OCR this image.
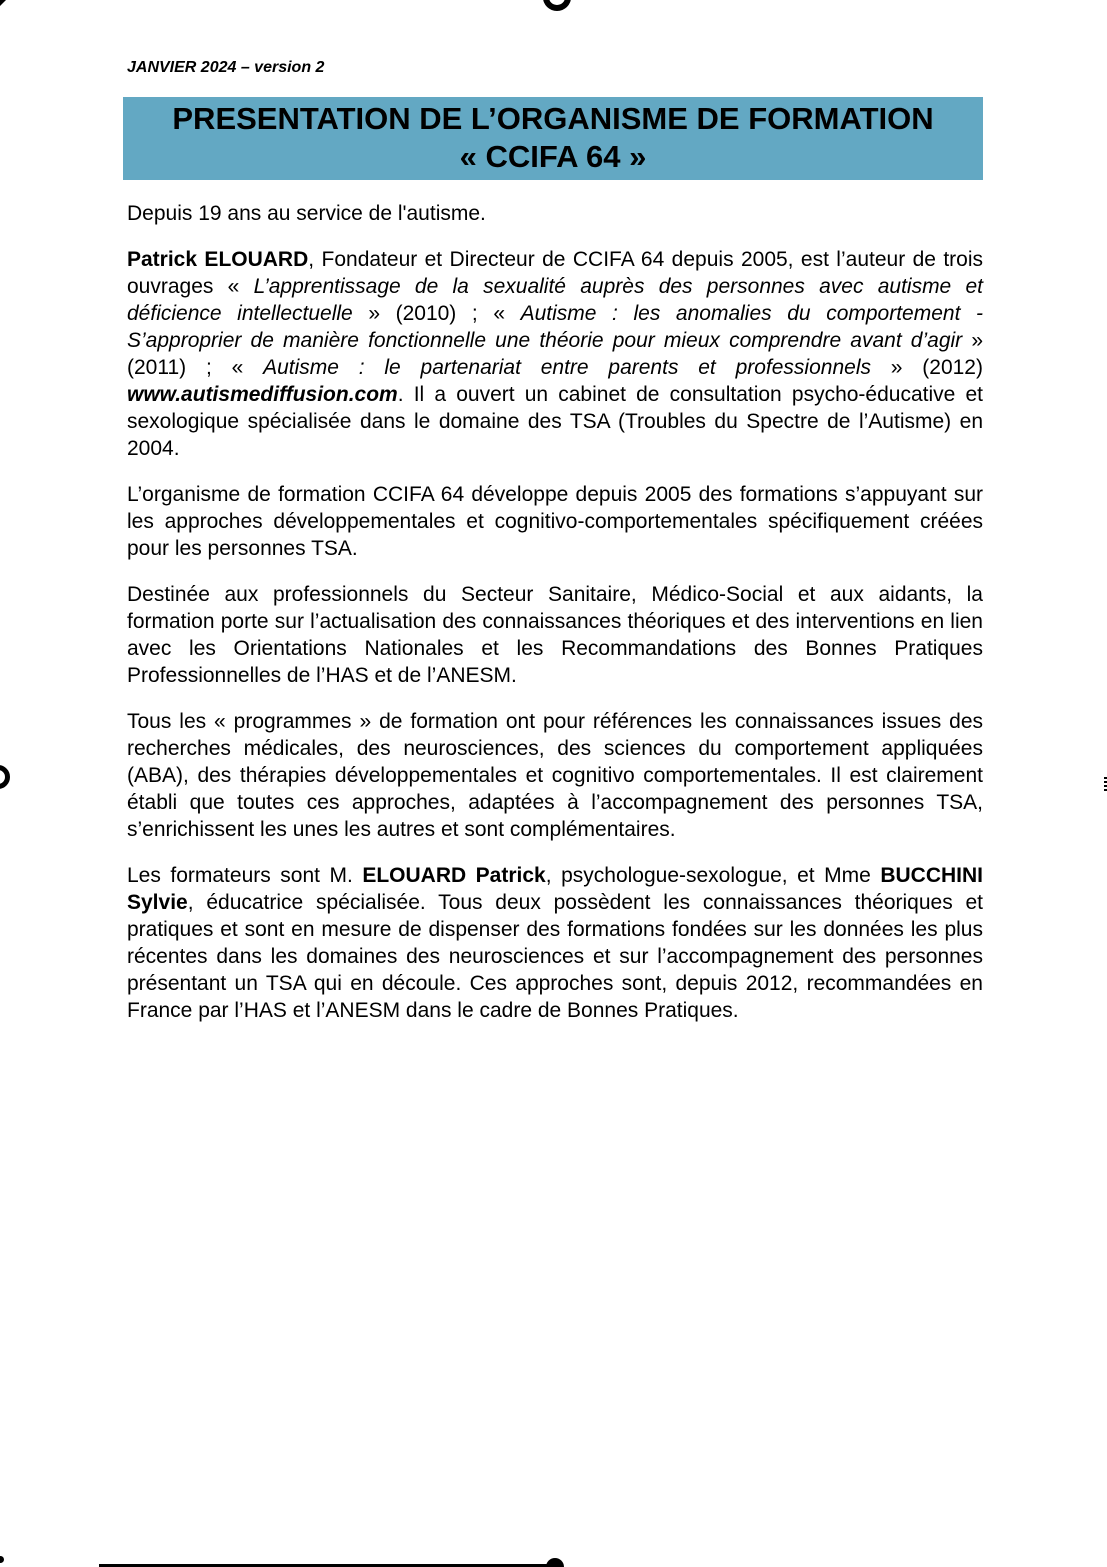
JANVIER 2024 – version 2
PRESENTATION DE L’ORGANISME DE FORMATION
« CCIFA 64 »

Depuis 19 ans au service de l'autisme.

Patrick ELOUARD, Fondateur et Directeur de CCIFA 64 depuis 2005, est l’auteur de trois ouvrages « L’apprentissage de la sexualité auprès des personnes avec autisme et déficience intellectuelle » (2010) ; « Autisme : les anomalies du comportement - S’approprier de manière fonctionnelle une théorie pour mieux comprendre avant d’agir » (2011) ; « Autisme : le partenariat entre parents et professionnels » (2012) www.autismediffusion.com. Il a ouvert un cabinet de consultation psycho-éducative et sexologique spécialisée dans le domaine des TSA (Troubles du Spectre de l’Autisme) en 2004.

L’organisme de formation CCIFA 64 développe depuis 2005 des formations s’appuyant sur les approches développementales et cognitivo-comportementales spécifiquement créées pour les personnes TSA.

Destinée aux professionnels du Secteur Sanitaire, Médico-Social et aux aidants, la formation porte sur l’actualisation des connaissances théoriques et des interventions en lien avec les Orientations Nationales et les Recommandations des Bonnes Pratiques Professionnelles de l’HAS et de l’ANESM.

Tous les « programmes » de formation ont pour références les connaissances issues des recherches médicales, des neurosciences, des sciences du comportement appliquées (ABA), des thérapies développementales et cognitivo comportementales. Il est clairement établi que toutes ces approches, adaptées à l’accompagnement des personnes TSA, s’enrichissent les unes les autres et sont complémentaires.

Les formateurs sont M. ELOUARD Patrick, psychologue-sexologue, et Mme BUCCHINI Sylvie, éducatrice spécialisée. Tous deux possèdent les connaissances théoriques et pratiques et sont en mesure de dispenser des formations fondées sur les données les plus récentes dans les domaines des neurosciences et sur l’accompagnement des personnes présentant un TSA qui en découle. Ces approches sont, depuis 2012, recommandées en France par l’HAS et l’ANESM dans le cadre de Bonnes Pratiques.
